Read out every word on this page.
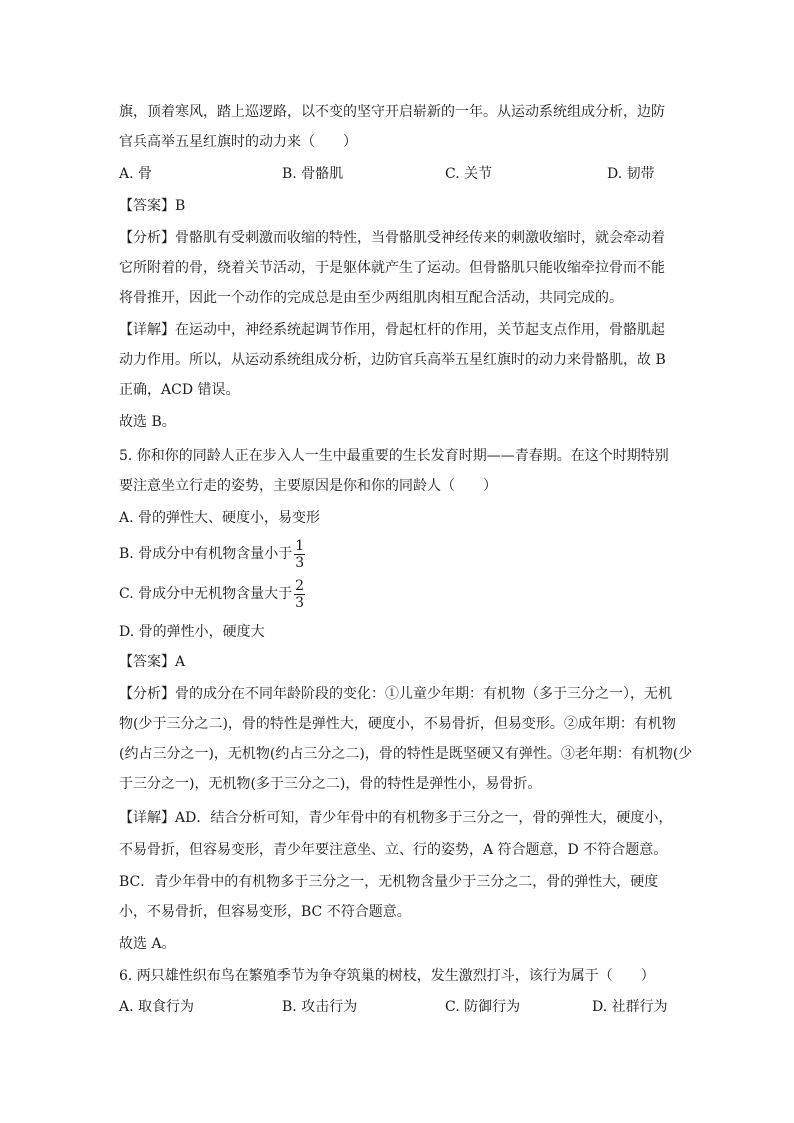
旗，顶着寒风，踏上巡逻路，以不变的坚守开启崭新的一年。从运动系统组成分析，边防
官兵高举五星红旗时的动力来（　　）
A. 骨	B. 骨骼肌	C. 关节	D. 韧带
【答案】B
【分析】骨骼肌有受刺激而收缩的特性，当骨骼肌受神经传来的刺激收缩时，就会牵动着
它所附着的骨，绕着关节活动，于是躯体就产生了运动。但骨骼肌只能收缩牵拉骨而不能
将骨推开，因此一个动作的完成总是由至少两组肌肉相互配合活动，共同完成的。
【详解】在运动中，神经系统起调节作用，骨起杠杆的作用，关节起支点作用，骨骼肌起
动力作用。所以，从运动系统组成分析，边防官兵高举五星红旗时的动力来骨骼肌，故 B
正确，ACD 错误。
故选 B。
5. 你和你的同龄人正在步入人一生中最重要的生长发育时期——青春期。在这个时期特别
要注意坐立行走的姿势，主要原因是你和你的同龄人（　　）
A. 骨的弹性大、硬度小，易变形
B. 骨成分中有机物含量小于 $\frac{1}{3}$
C. 骨成分中无机物含量大于 $\frac{2}{3}$
D. 骨的弹性小，硬度大
【答案】A
【分析】骨的成分在不同年龄阶段的变化：①儿童少年期：有机物（多于三分之一），无机
物(少于三分之二)，骨的特性是弹性大，硬度小，不易骨折，但易变形。②成年期：有机物
(约占三分之一)，无机物(约占三分之二)，骨的特性是既坚硬又有弹性。③老年期：有机物(少
于三分之一)，无机物(多于三分之二)，骨的特性是弹性小，易骨折。
【详解】AD．结合分析可知，青少年骨中的有机物多于三分之一，骨的弹性大，硬度小，
不易骨折，但容易变形，青少年要注意坐、立、行的姿势，A 符合题意，D 不符合题意。
BC．青少年骨中的有机物多于三分之一，无机物含量少于三分之二，骨的弹性大，硬度
小，不易骨折，但容易变形，BC 不符合题意。
故选 A。
6. 两只雄性织布鸟在繁殖季节为争夺筑巢的树枝，发生激烈打斗，该行为属于（　　）
A. 取食行为	B. 攻击行为	C. 防御行为	D. 社群行为
